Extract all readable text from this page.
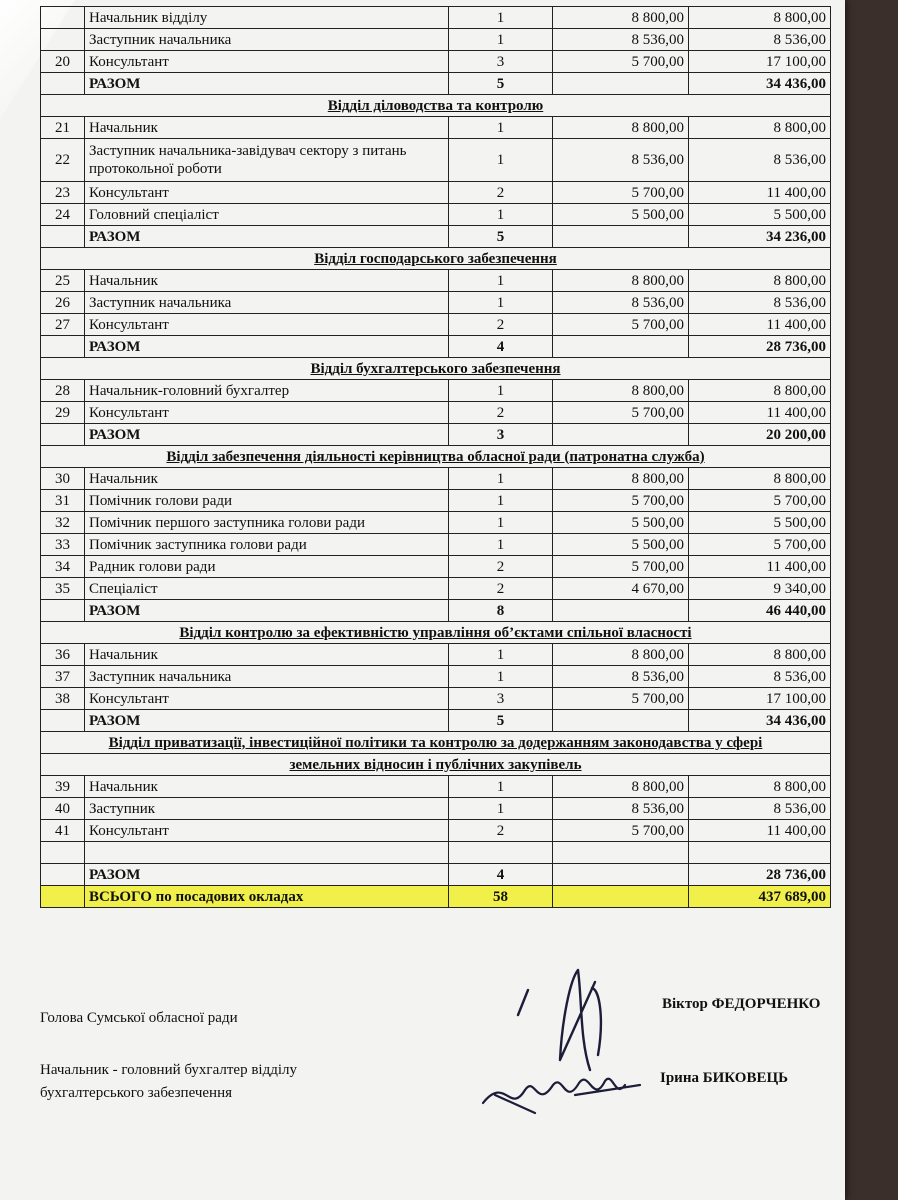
	Начальник відділу	1	8 800,00	8 800,00
	Заступник начальника	1	8 536,00	8 536,00
20	Консультант	3	5 700,00	17 100,00
	РАЗОМ	5		34 436,00
Відділ діловодства та контролю				
21	Начальник	1	8 800,00	8 800,00
22	Заступник начальника-завідувач сектору з питань протокольної роботи	1	8 536,00	8 536,00
23	Консультант	2	5 700,00	11 400,00
24	Головний спеціаліст	1	5 500,00	5 500,00
	РАЗОМ	5		34 236,00
Відділ господарського забезпечення				
25	Начальник	1	8 800,00	8 800,00
26	Заступник начальника	1	8 536,00	8 536,00
27	Консультант	2	5 700,00	11 400,00
	РАЗОМ	4		28 736,00
Відділ бухгалтерського забезпечення				
28	Начальник-головний бухгалтер	1	8 800,00	8 800,00
29	Консультант	2	5 700,00	11 400,00
	РАЗОМ	3		20 200,00
Відділ забезпечення діяльності керівництва обласної ради (патронатна служба)				
30	Начальник	1	8 800,00	8 800,00
31	Помічник голови ради	1	5 700,00	5 700,00
32	Помічник першого заступника голови ради	1	5 500,00	5 500,00
33	Помічник заступника голови ради	1	5 500,00	5 700,00
34	Радник голови ради	2	5 700,00	11 400,00
35	Спеціаліст	2	4 670,00	9 340,00
	РАЗОМ	8		46 440,00
Відділ контролю за ефективністю управління об’єктами спільної власності				
36	Начальник	1	8 800,00	8 800,00
37	Заступник начальника	1	8 536,00	8 536,00
38	Консультант	3	5 700,00	17 100,00
	РАЗОМ	5		34 436,00
Відділ приватизації, інвестиційної політики та контролю за додержанням законодавства у сфері				
земельних відносин і публічних закупівель				
39	Начальник	1	8 800,00	8 800,00
40	Заступник	1	8 536,00	8 536,00
41	Консультант	2	5 700,00	11 400,00

	РАЗОМ	4		28 736,00
	ВСЬОГО по посадових окладах	58		437 689,00
Голова Сумської обласної ради
Віктор ФЕДОРЧЕНКО
Начальник - головний бухгалтер відділу
бухгалтерського забезпечення
Ірина БИКОВЕЦЬ
